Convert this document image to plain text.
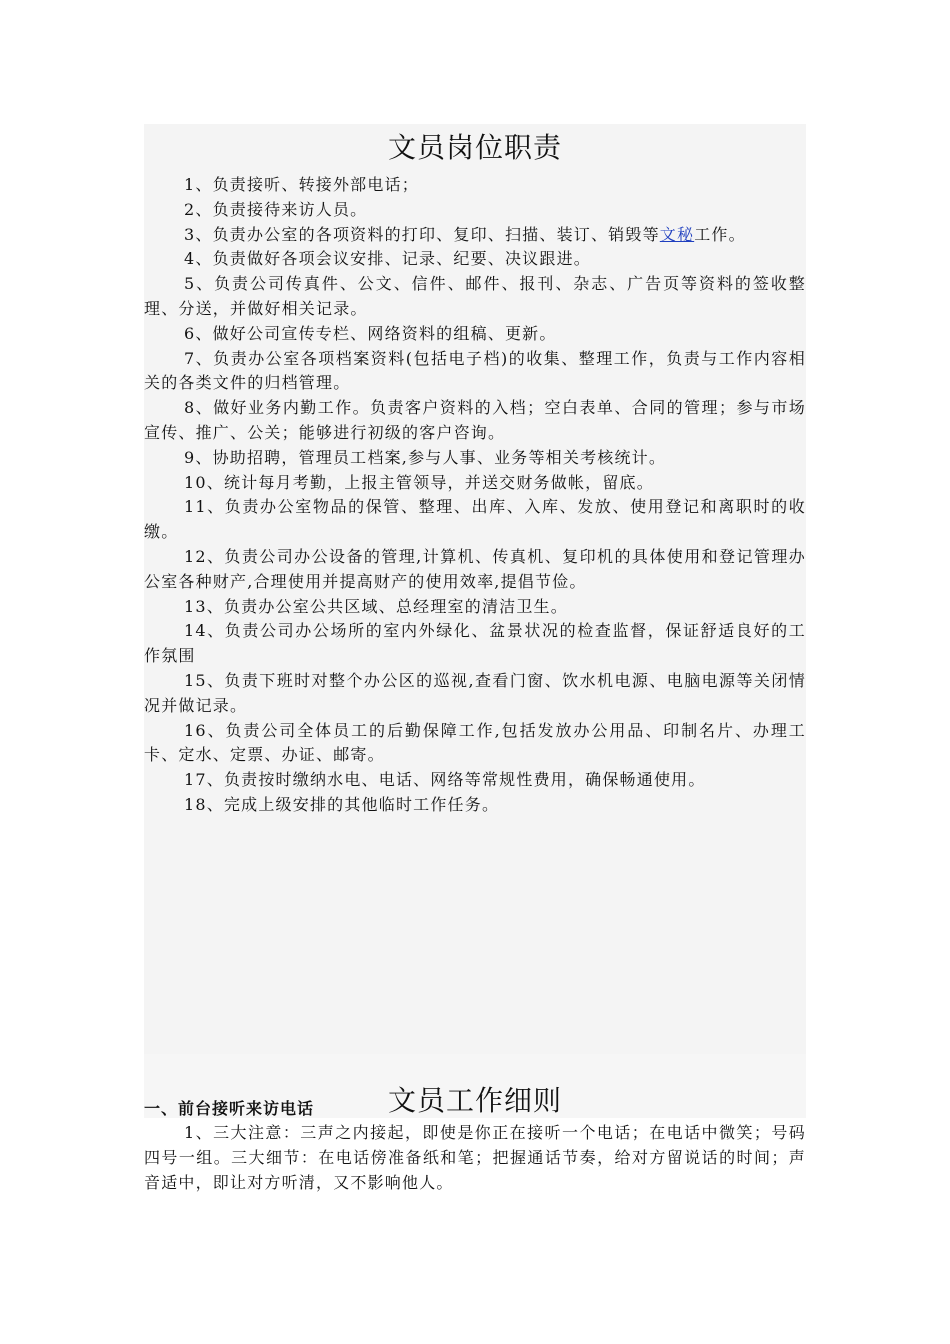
文员岗位职责
文员工作细则

1、负责接听、转接外部电话；

2、负责接待来访人员。

3、负责办公室的各项资料的打印、复印、扫描、装订、销毁等文秘工作。

4、负责做好各项会议安排、记录、纪要、决议跟进。

5、负责公司传真件、公文、信件、邮件、报刊、杂志、广告页等资料的签收整理、分送，并做好相关记录。

6、做好公司宣传专栏、网络资料的组稿、更新。

7、负责办公室各项档案资料(包括电子档)的收集、整理工作，负责与工作内容相关的各类文件的归档管理。

8、做好业务内勤工作。负责客户资料的入档；空白表单、合同的管理；参与市场宣传、推广、公关；能够进行初级的客户咨询。

9、协助招聘，管理员工档案,参与人事、业务等相关考核统计。

10、统计每月考勤，上报主管领导，并送交财务做帐，留底。

11、负责办公室物品的保管、整理、出库、入库、发放、使用登记和离职时的收缴。

12、负责公司办公设备的管理,计算机、传真机、复印机的具体使用和登记管理办公室各种财产,合理使用并提高财产的使用效率,提倡节俭。

13、负责办公室公共区域、总经理室的清洁卫生。

14、负责公司办公场所的室内外绿化、盆景状况的检查监督，保证舒适良好的工作氛围

15、负责下班时对整个办公区的巡视,查看门窗、饮水机电源、电脑电源等关闭情况并做记录。

16、负责公司全体员工的后勤保障工作,包括发放办公用品、印制名片、办理工卡、定水、定票、办证、邮寄。

17、负责按时缴纳水电、电话、网络等常规性费用，确保畅通使用。

18、完成上级安排的其他临时工作任务。

一、前台接听来访电话

1、三大注意：三声之内接起，即使是你正在接听一个电话；在电话中微笑；号码四号一组。三大细节：在电话傍准备纸和笔；把握通话节奏，给对方留说话的时间；声音适中，即让对方听清，又不影响他人。
